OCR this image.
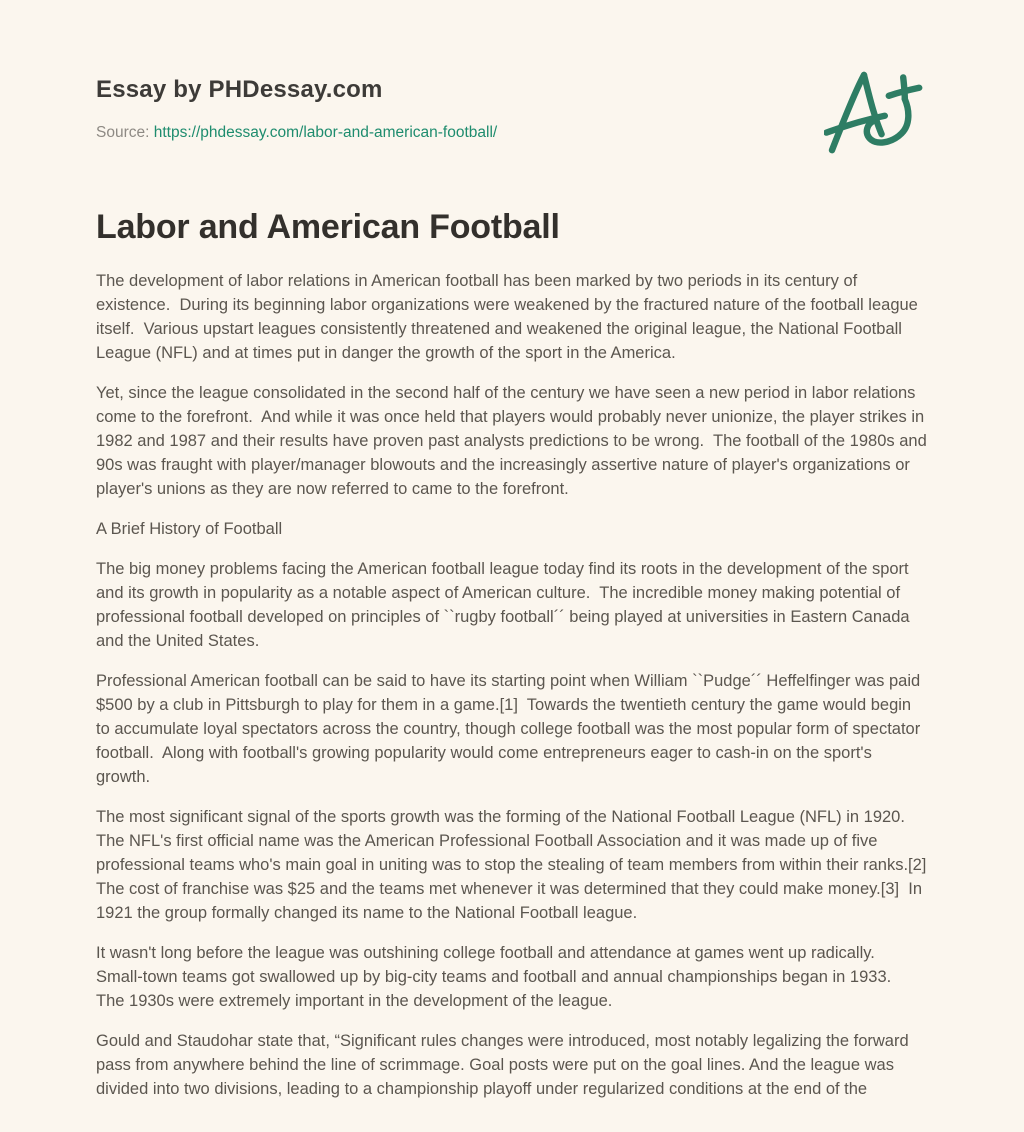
Essay by PHDessay.com
Source: https://phdessay.com/labor-and-american-football/
Labor and American Football

The development of labor relations in American football has been marked by two periods in its century of existence.  During its beginning labor organizations were weakened by the fractured nature of the football league itself.  Various upstart leagues consistently threatened and weakened the original league, the National Football League (NFL) and at times put in danger the growth of the sport in the America.

Yet, since the league consolidated in the second half of the century we have seen a new period in labor relations come to the forefront.  And while it was once held that players would probably never unionize, the player strikes in 1982 and 1987 and their results have proven past analysts predictions to be wrong.  The football of the 1980s and 90s was fraught with player/manager blowouts and the increasingly assertive nature of player's organizations or player's unions as they are now referred to came to the forefront.

A Brief History of Football

The big money problems facing the American football league today find its roots in the development of the sport and its growth in popularity as a notable aspect of American culture.  The incredible money making potential of professional football developed on principles of ``rugby football´´ being played at universities in Eastern Canada and the United States.

Professional American football can be said to have its starting point when William ``Pudge´´ Heffelfinger was paid $500 by a club in Pittsburgh to play for them in a game.[1]  Towards the twentieth century the game would begin to accumulate loyal spectators across the country, though college football was the most popular form of spectator football.  Along with football's growing popularity would come entrepreneurs eager to cash-in on the sport's growth.

The most significant signal of the sports growth was the forming of the National Football League (NFL) in 1920.  The NFL's first official name was the American Professional Football Association and it was made up of five professional teams who's main goal in uniting was to stop the stealing of team members from within their ranks.[2]  The cost of franchise was $25 and the teams met whenever it was determined that they could make money.[3]  In 1921 the group formally changed its name to the National Football league.

It wasn't long before the league was outshining college football and attendance at games went up radically.  Small-town teams got swallowed up by big-city teams and football and annual championships began in 1933.  The 1930s were extremely important in the development of the league.

Gould and Staudohar state that, “Significant rules changes were introduced, most notably legalizing the forward pass from anywhere behind the line of scrimmage. Goal posts were put on the goal lines. And the league was divided into two divisions, leading to a championship playoff under regularized conditions at the end of the
